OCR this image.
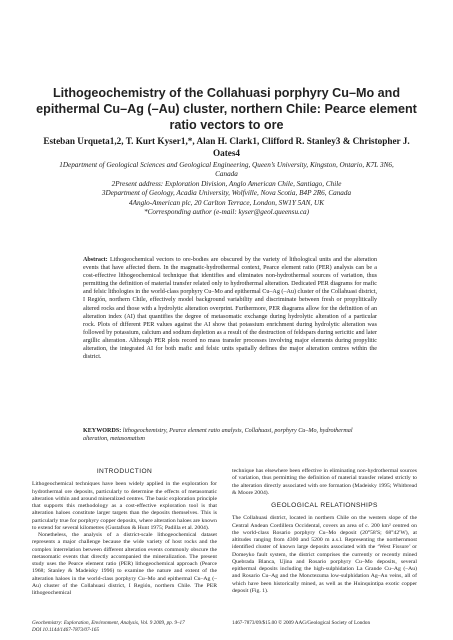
Lithogeochemistry of the Collahuasi porphyry Cu–Mo and epithermal Cu–Ag (–Au) cluster, northern Chile: Pearce element ratio vectors to ore
Esteban Urqueta1,2, T. Kurt Kyser1,*, Alan H. Clark1, Clifford R. Stanley3 & Christopher J. Oates4
1Department of Geological Sciences and Geological Engineering, Queen’s University, Kingston, Ontario, K7L 3N6,
Canada
2Present address: Exploration Division, Anglo American Chile, Santiago, Chile
3Department of Geology, Acadia University, Wolfville, Nova Scotia, B4P 2R6, Canada
4Anglo-American plc, 20 Carlton Terrace, London, SW1Y 5AN, UK
*Corresponding author (e-mail: kyser@geol.queensu.ca)
Abstract: Lithogeochemical vectors to ore-bodies are obscured by the variety of lithological units and the alteration events that have affected them. In the magmatic-hydrothermal context, Pearce element ratio (PER) analysis can be a cost-effective lithogeochemical technique that identifies and eliminates non-hydrothermal sources of variation, thus permitting the definition of material transfer related only to hydrothermal alteration. Dedicated PER diagrams for mafic and felsic lithologies in the world-class porphyry Cu–Mo and epithermal Cu–Ag (–Au) cluster of the Collahuasi district, I Región, northern Chile, effectively model background variability and discriminate between fresh or propylitically altered rocks and those with a hydrolytic alteration overprint. Furthermore, PER diagrams allow for the definition of an alteration index (AI) that quantifies the degree of metasomatic exchange during hydrolytic alteration of a particular rock. Plots of different PER values against the AI show that potassium enrichment during hydrolytic alteration was followed by potassium, calcium and sodium depletion as a result of the destruction of feldspars during sericitic and later argillic alteration. Although PER plots record no mass transfer processes involving major elements during propylitic alteration, the integrated AI for both mafic and felsic units spatially defines the major alteration centres within the district.
KEYWORDS: lithogeochemistry, Pearce element ratio analysis, Collahuasi, porphyry Cu–Mo, hydrothermal alteration, metasomatism
INTRODUCTION

Lithogeochemical techniques have been widely applied in the exploration for hydrothermal ore deposits, particularly to determine the effects of metasomatic alteration within and around mineralized centres. The basic exploration principle that supports this methodology as a cost-effective exploration tool is that alteration haloes constitute larger targets than the deposits themselves. This is particularly true for porphyry copper deposits, where alteration haloes are known to extend for several kilometres (Gustafson & Hunt 1975; Padilla et al. 2004).

Nonetheless, the analysis of a district-scale lithogeochemical dataset represents a major challenge because the wide variety of host rocks and the complex interrelation between different alteration events commonly obscure the metasomatic events that directly accompanied the mineralization. The present study uses the Pearce element ratio (PER) lithogeochemical approach (Pearce 1968; Stanley & Madeisky 1996) to examine the nature and extent of the alteration haloes in the world-class porphyry Cu–Mo and epithermal Cu–Ag (–Au) cluster of the Collahuasi district, I Región, northern Chile. The PER lithogeochemical

technique has elsewhere been effective in eliminating non-hydrothermal sources of variation, thus permitting the definition of material transfer related strictly to the alteration directly associated with ore formation (Madeisky 1995; Whitbread & Moore 2004).

GEOLOGICAL RELATIONSHIPS

The Collahuasi district, located in northern Chile on the western slope of the Central Andean Cordillera Occidental, covers an area of c. 200 km² centred on the world-class Rosario porphyry Cu–Mo deposit (20°58′S; 68°42′W), at altitudes ranging from 4300 and 5200 m a.s.l. Representing the northernmost identified cluster of known large deposits associated with the ‘West Fissure’ or Domeyko fault system, the district comprises the currently or recently mined Quebrada Blanca, Ujina and Rosario porphyry Cu–Mo deposits, several epithermal deposits including the high-sulphidation La Grande Cu–Ag (–Au) and Rosario Cu–Ag and the Monctezuma low-sulphidation Ag–Au veins, all of which have been historically mined, as well as the Huinquintipa exotic copper deposit (Fig. 1).

Geochemistry: Exploration, Environment, Analysis, Vol. 9 2009, pp. 9–17
DOI 10.1144/1467-7873/07-165
1467-7873/09/$15.00 © 2009 AAG/Geological Society of London
